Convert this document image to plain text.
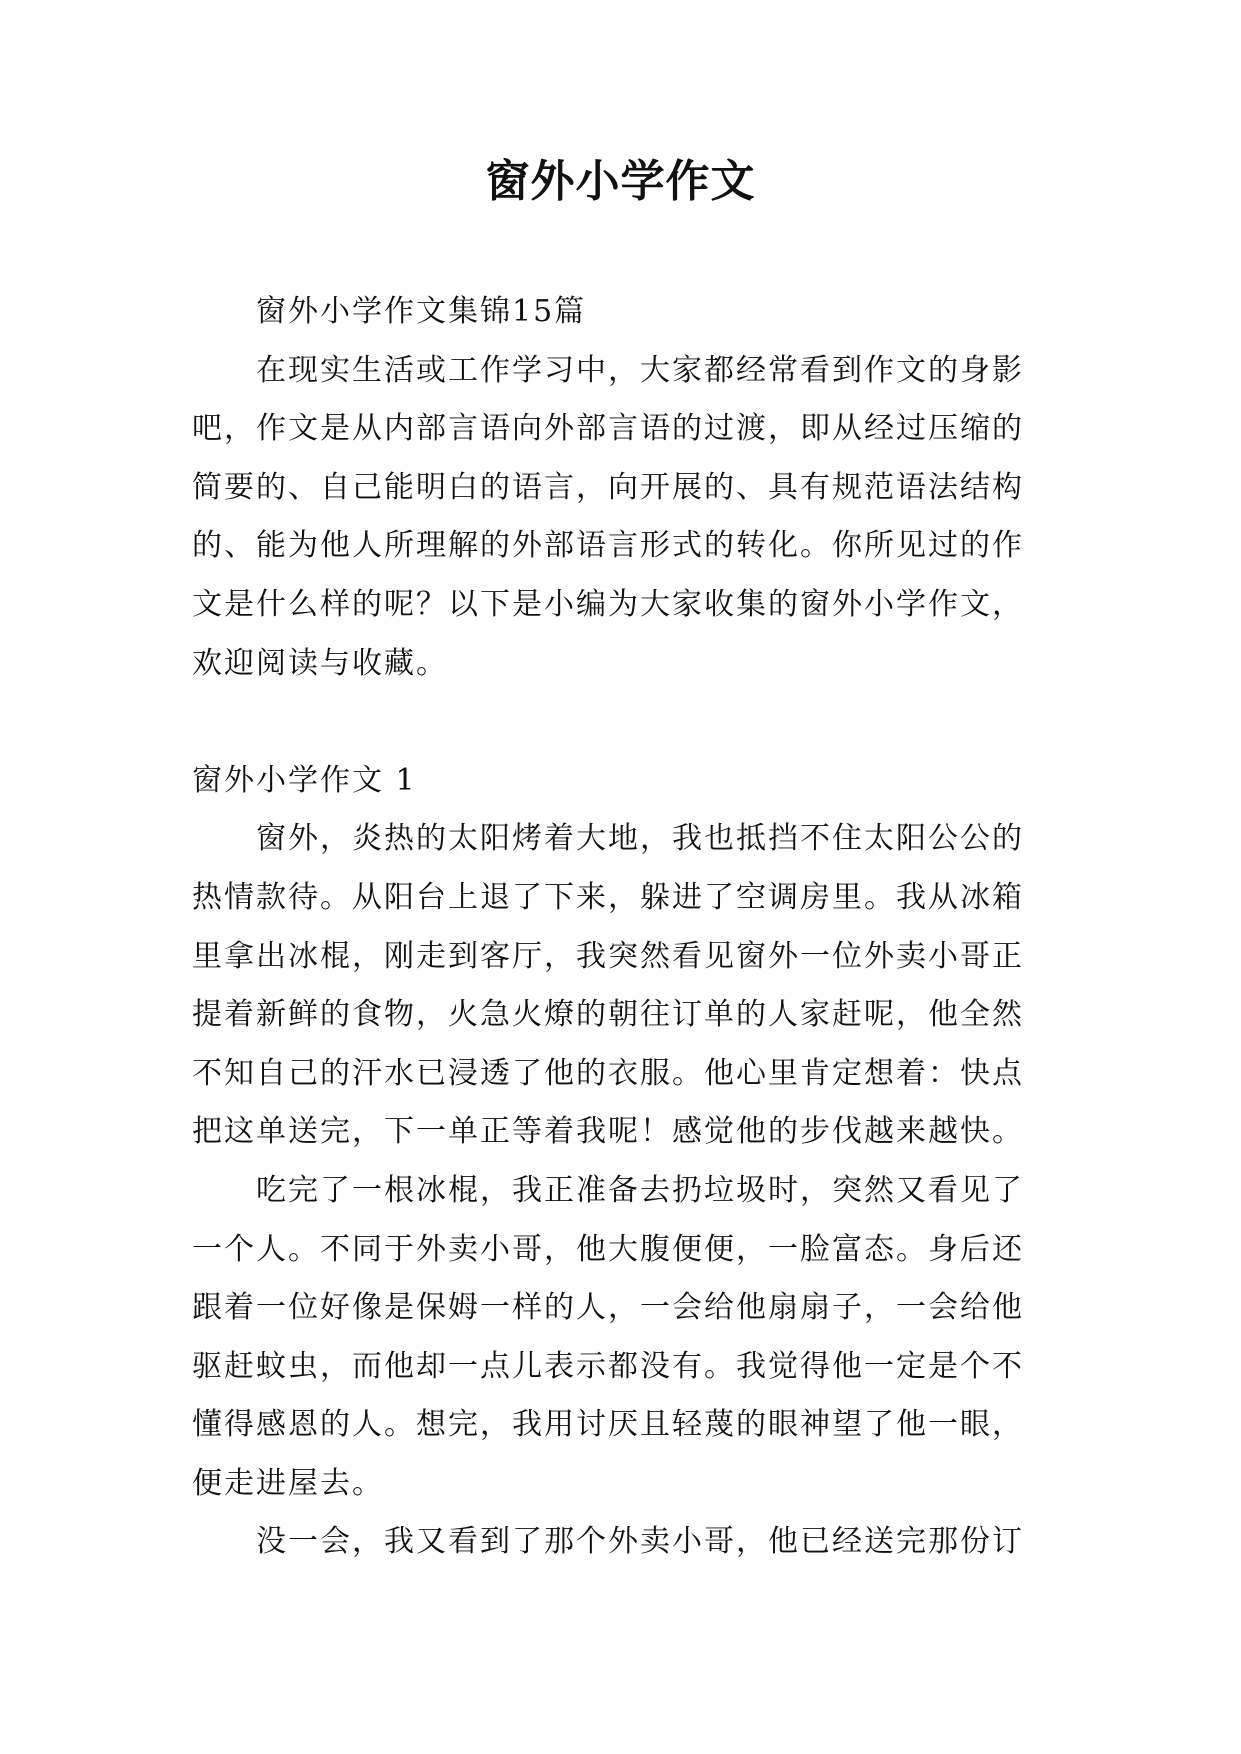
窗外小学作文
窗外小学作文集锦15篇
在现实生活或工作学习中，大家都经常看到作文的身影
吧，作文是从内部言语向外部言语的过渡，即从经过压缩的
简要的、自己能明白的语言，向开展的、具有规范语法结构
的、能为他人所理解的外部语言形式的转化。你所见过的作
文是什么样的呢？以下是小编为大家收集的窗外小学作文，
欢迎阅读与收藏。
窗外小学作文 1
窗外，炎热的太阳烤着大地，我也抵挡不住太阳公公的
热情款待。从阳台上退了下来，躲进了空调房里。我从冰箱
里拿出冰棍，刚走到客厅，我突然看见窗外一位外卖小哥正
提着新鲜的食物，火急火燎的朝往订单的人家赶呢，他全然
不知自己的汗水已浸透了他的衣服。他心里肯定想着：快点
把这单送完，下一单正等着我呢！感觉他的步伐越来越快。
吃完了一根冰棍，我正准备去扔垃圾时，突然又看见了
一个人。不同于外卖小哥，他大腹便便，一脸富态。身后还
跟着一位好像是保姆一样的人，一会给他扇扇子，一会给他
驱赶蚊虫，而他却一点儿表示都没有。我觉得他一定是个不
懂得感恩的人。想完，我用讨厌且轻蔑的眼神望了他一眼，
便走进屋去。
没一会，我又看到了那个外卖小哥，他已经送完那份订
